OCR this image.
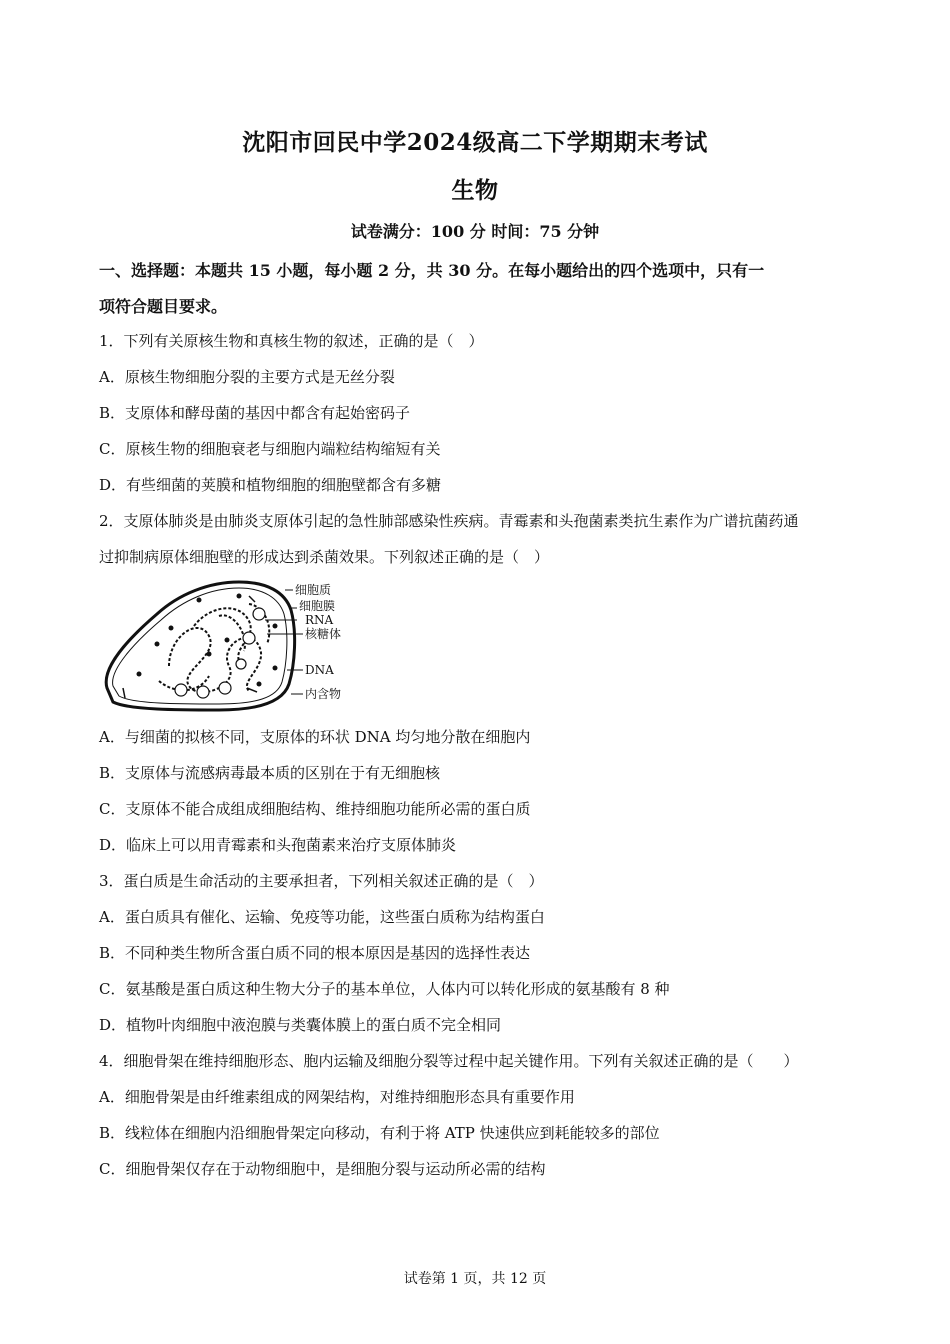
沈阳市回民中学2024级高二下学期期末考试
生物
试卷满分：100 分 时间：75 分钟
一、选择题：本题共 15 小题，每小题 2 分，共 30 分。在每小题给出的四个选项中，只有一
项符合题目要求。
1．下列有关原核生物和真核生物的叙述，正确的是（　）
A．原核生物细胞分裂的主要方式是无丝分裂
B．支原体和酵母菌的基因中都含有起始密码子
C．原核生物的细胞衰老与细胞内端粒结构缩短有关
D．有些细菌的荚膜和植物细胞的细胞壁都含有多糖
2．支原体肺炎是由肺炎支原体引起的急性肺部感染性疾病。青霉素和头孢菌素类抗生素作为广谱抗菌药通
过抑制病原体细胞壁的形成达到杀菌效果。下列叙述正确的是（　）
细胞质
细胞膜
RNA
核糖体
DNA
内含物
A．与细菌的拟核不同，支原体的环状 DNA 均匀地分散在细胞内
B．支原体与流感病毒最本质的区别在于有无细胞核
C．支原体不能合成组成细胞结构、维持细胞功能所必需的蛋白质
D．临床上可以用青霉素和头孢菌素来治疗支原体肺炎
3．蛋白质是生命活动的主要承担者，下列相关叙述正确的是（　）
A．蛋白质具有催化、运输、免疫等功能，这些蛋白质称为结构蛋白
B．不同种类生物所含蛋白质不同的根本原因是基因的选择性表达
C．氨基酸是蛋白质这种生物大分子的基本单位，人体内可以转化形成的氨基酸有 8 种
D．植物叶肉细胞中液泡膜与类囊体膜上的蛋白质不完全相同
4．细胞骨架在维持细胞形态、胞内运输及细胞分裂等过程中起关键作用。下列有关叙述正确的是（　　）
A．细胞骨架是由纤维素组成的网架结构，对维持细胞形态具有重要作用
B．线粒体在细胞内沿细胞骨架定向移动，有利于将 ATP 快速供应到耗能较多的部位
C．细胞骨架仅存在于动物细胞中，是细胞分裂与运动所必需的结构
试卷第 1 页，共 12 页
